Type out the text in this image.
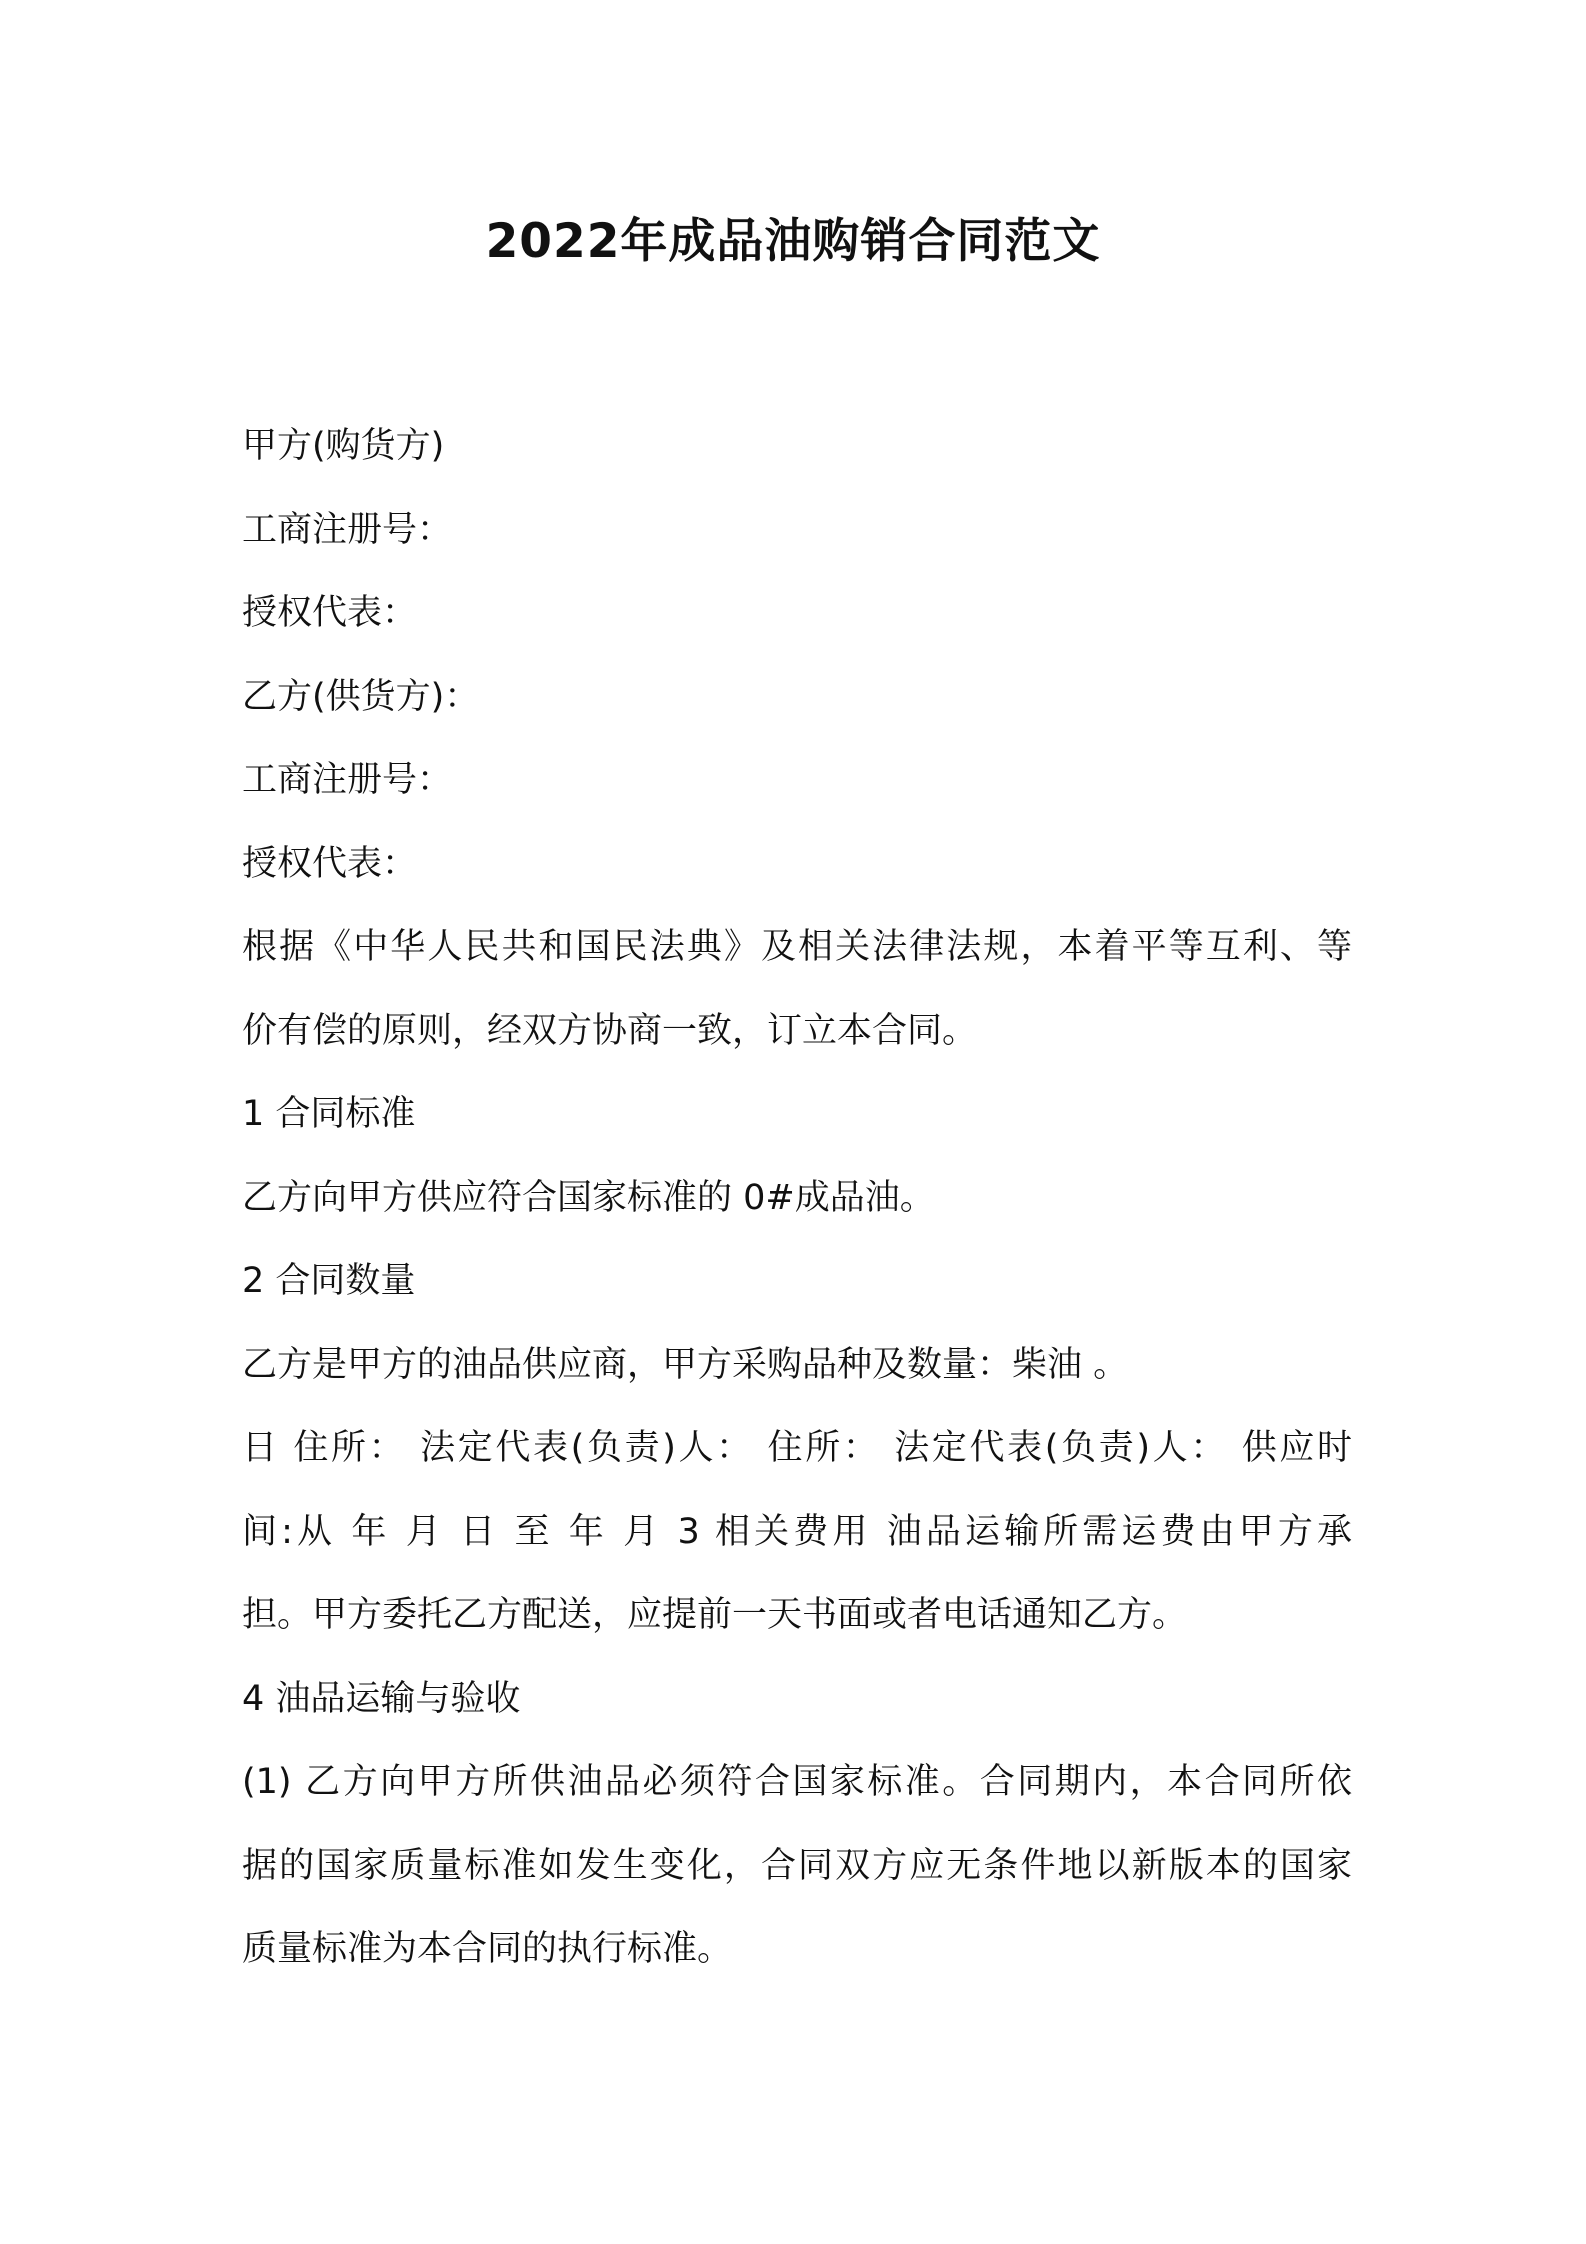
2022年成品油购销合同范文
甲方(购货方)
工商注册号：
授权代表：
乙方(供货方)：
工商注册号：
授权代表：
根据《中华人民共和国民法典》及相关法律法规，本着平等互利、等
价有偿的原则，经双方协商一致，订立本合同。
1 合同标准
乙方向甲方供应符合国家标准的 0#成品油。
2 合同数量
乙方是甲方的油品供应商，甲方采购品种及数量：柴油 。
日 住所： 法定代表(负责)人： 住所： 法定代表(负责)人： 供应时
间:从 年 月 日 至 年 月 3 相关费用 油品运输所需运费由甲方承
担。甲方委托乙方配送，应提前一天书面或者电话通知乙方。
4 油品运输与验收
(1) 乙方向甲方所供油品必须符合国家标准。合同期内，本合同所依
据的国家质量标准如发生变化，合同双方应无条件地以新版本的国家
质量标准为本合同的执行标准。
